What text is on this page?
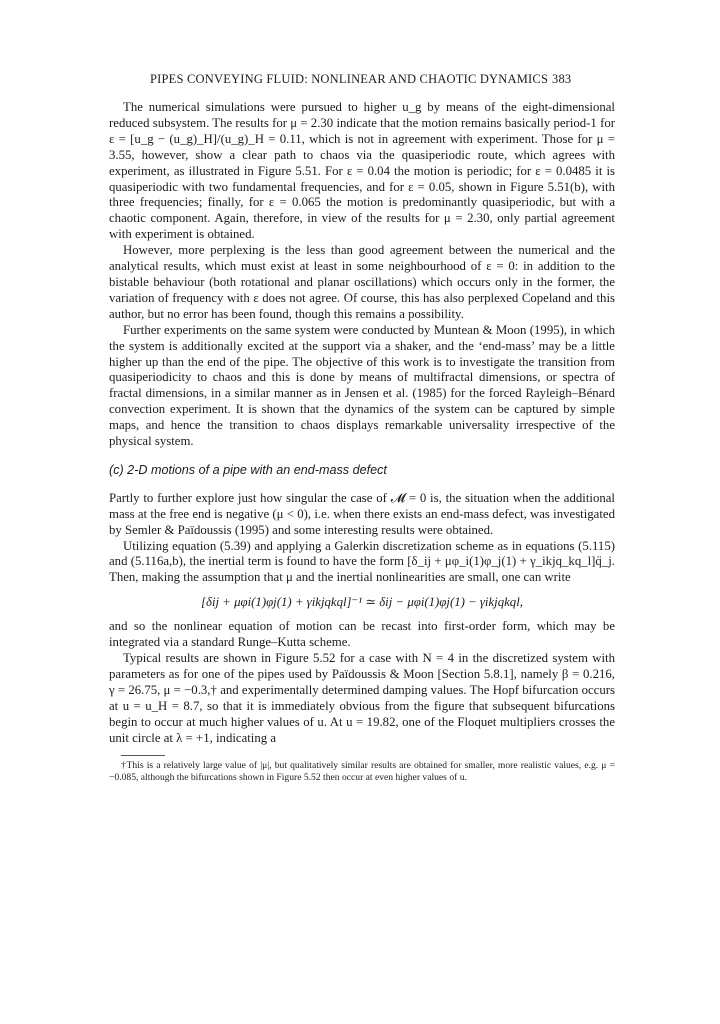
PIPES CONVEYING FLUID: NONLINEAR AND CHAOTIC DYNAMICS 383

The numerical simulations were pursued to higher u_g by means of the eight-dimensional reduced subsystem. The results for μ = 2.30 indicate that the motion remains basically period-1 for ε = [u_g − (u_g)_H]/(u_g)_H = 0.11, which is not in agreement with experiment. Those for μ = 3.55, however, show a clear path to chaos via the quasiperiodic route, which agrees with experiment, as illustrated in Figure 5.51. For ε = 0.04 the motion is periodic; for ε = 0.0485 it is quasiperiodic with two fundamental frequencies, and for ε = 0.05, shown in Figure 5.51(b), with three frequencies; finally, for ε = 0.065 the motion is predominantly quasiperiodic, but with a chaotic component. Again, therefore, in view of the results for μ = 2.30, only partial agreement with experiment is obtained.

However, more perplexing is the less than good agreement between the numerical and the analytical results, which must exist at least in some neighbourhood of ε = 0: in addition to the bistable behaviour (both rotational and planar oscillations) which occurs only in the former, the variation of frequency with ε does not agree. Of course, this has also perplexed Copeland and this author, but no error has been found, though this remains a possibility.

Further experiments on the same system were conducted by Muntean & Moon (1995), in which the system is additionally excited at the support via a shaker, and the ‘end-mass’ may be a little higher up than the end of the pipe. The objective of this work is to investigate the transition from quasiperiodicity to chaos and this is done by means of multifractal dimensions, or spectra of fractal dimensions, in a similar manner as in Jensen et al. (1985) for the forced Rayleigh–Bénard convection experiment. It is shown that the dynamics of the system can be captured by simple maps, and hence the transition to chaos displays remarkable universality irrespective of the physical system.

(c) 2-D motions of a pipe with an end-mass defect

Partly to further explore just how singular the case of 𝓜 = 0 is, the situation when the additional mass at the free end is negative (μ < 0), i.e. when there exists an end-mass defect, was investigated by Semler & Païdoussis (1995) and some interesting results were obtained.

Utilizing equation (5.39) and applying a Galerkin discretization scheme as in equations (5.115) and (5.116a,b), the inertial term is found to have the form [δ_ij + μφ_i(1)φ_j(1) + γ_ikjq_kq_l]q̈_j. Then, making the assumption that μ and the inertial nonlinearities are small, one can write

[δij + μφi(1)φj(1) + γikjqkql]⁻¹ ≃ δij − μφi(1)φj(1) − γikjqkql,

and so the nonlinear equation of motion can be recast into first-order form, which may be integrated via a standard Runge–Kutta scheme.

Typical results are shown in Figure 5.52 for a case with N = 4 in the discretized system with parameters as for one of the pipes used by Païdoussis & Moon [Section 5.8.1], namely β = 0.216, γ = 26.75, μ = −0.3,† and experimentally determined damping values. The Hopf bifurcation occurs at u = u_H = 8.7, so that it is immediately obvious from the figure that subsequent bifurcations begin to occur at much higher values of u. At u = 19.82, one of the Floquet multipliers crosses the unit circle at λ = +1, indicating a

†This is a relatively large value of |μ|, but qualitatively similar results are obtained for smaller, more realistic values, e.g. μ = −0.085, although the bifurcations shown in Figure 5.52 then occur at even higher values of u.
